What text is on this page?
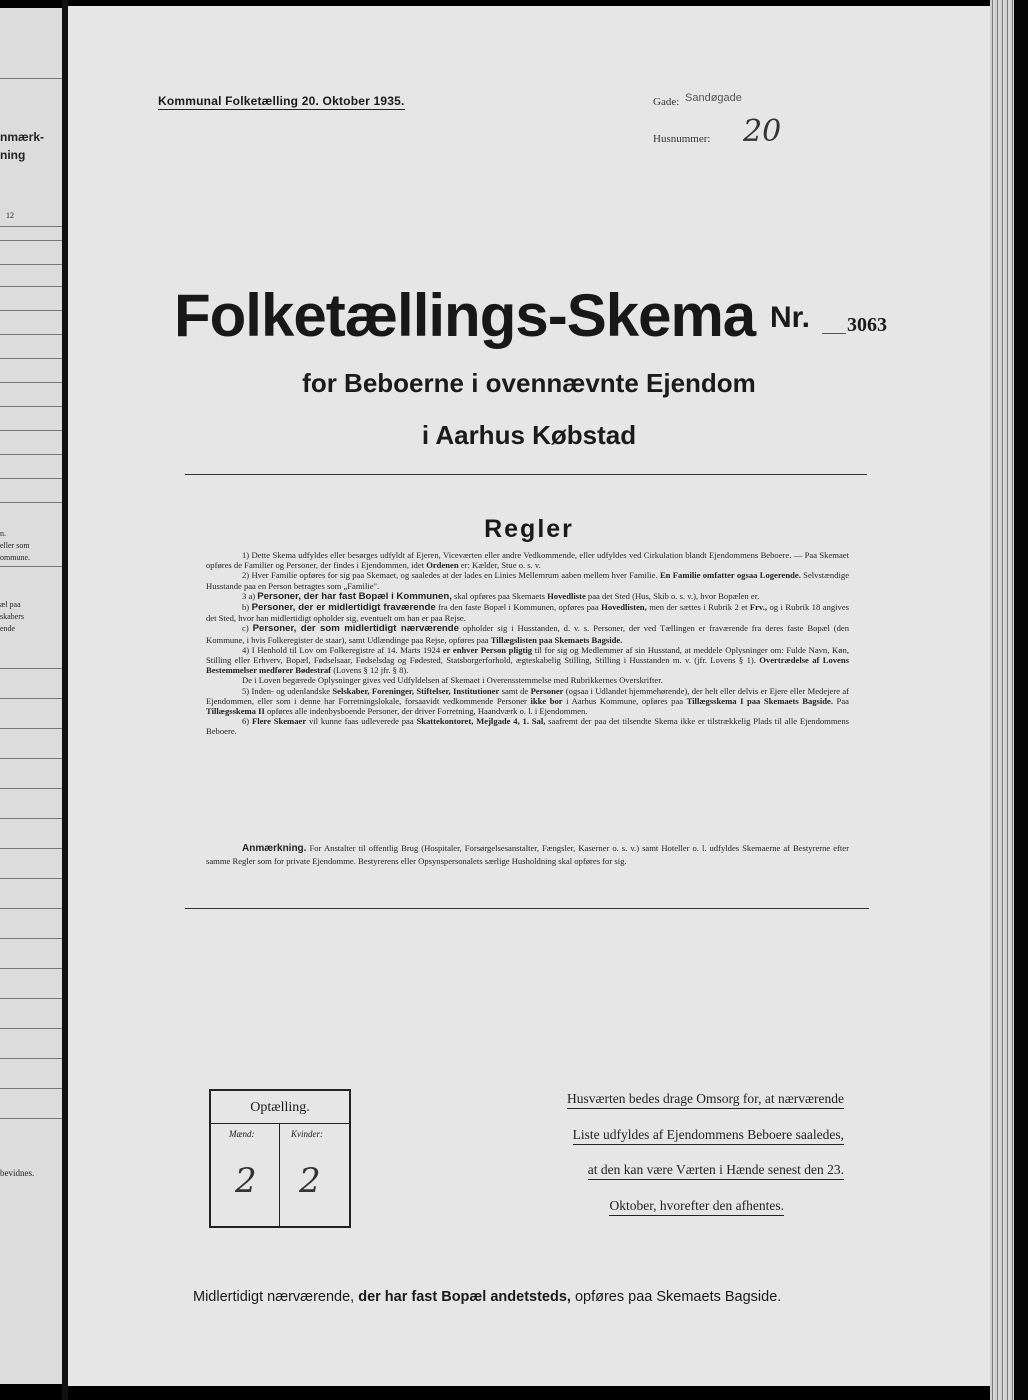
nmærk-
ning
12
n.
eller som
ommune.
æl paa
skabers
ende
bevidnes.
Kommunal Folketælling 20. Oktober 1935.	Gade: Sandøgade
Husnummer: 20
Folketællings-Skema Nr. 3063
for Beboerne i ovennævnte Ejendom
i Aarhus Købstad
Regler

1) Dette Skema udfyldes eller besørges udfyldt af Ejeren, Viceværten eller andre Vedkommende, eller udfyldes ved Cirkulation blandt Ejendommens Beboere. — Paa Skemaet opføres de Familier og Personer, der findes i Ejendommen, idet Ordenen er: Kælder, Stue o. s. v.

2) Hver Familie opføres for sig paa Skemaet, og saaledes at der lades en Linies Mellemrum aaben mellem hver Familie. En Familie omfatter ogsaa Logerende. Selvstændige Husstande paa en Person betragtes som „Familie".

3 a) Personer, der har fast Bopæl i Kommunen, skal opføres paa Skemaets Hovedliste paa det Sted (Hus, Skib o. s. v.), hvor Bopælen er.

b) Personer, der er midlertidigt fraværende fra den faste Bopæl i Kommunen, opføres paa Hovedlisten, men der sættes i Rubrik 2 et Frv., og i Rubrik 18 angives det Sted, hvor han midlertidigt opholder sig, eventuelt om han er paa Rejse.

c) Personer, der som midlertidigt nærværende opholder sig i Husstanden, d. v. s. Personer, der ved Tællingen er fraværende fra deres faste Bopæl (den Kommune, i hvis Folkeregister de staar), samt Udlændinge paa Rejse, opføres paa Tillægslisten paa Skemaets Bagside.

4) I Henhold til Lov om Folkeregistre af 14. Marts 1924 er enhver Person pligtig til for sig og Medlemmer af sin Husstand, at meddele Oplysninger om: Fulde Navn, Køn, Stilling eller Erhverv, Bopæl, Fødselsaar, Fødselsdag og Fødested, Statsborgerforhold, ægteskabelig Stilling, Stilling i Husstanden m. v. (jfr. Lovens § 1). Overtrædelse af Lovens Bestemmelser medfører Bødestraf (Lovens § 12 jfr. § 8).

De i Loven begærede Oplysninger gives ved Udfyldelsen af Skemaet i Overensstemmelse med Rubrikkernes Overskrifter.

5) Inden- og udenlandske Selskaber, Foreninger, Stiftelser, Institutioner samt de Personer (ogsaa i Udlandet hjemmehørende), der helt eller delvis er Ejere eller Medejere af Ejendommen, eller som i denne har Forretningslokale, forsaavidt vedkommende Personer ikke bor i Aarhus Kommune, opføres paa Tillægsskema I paa Skemaets Bagside. Paa Tillægsskema II opføres alle indenbysboende Personer, der driver Forretning, Haandværk o. l. i Ejendommen.

6) Flere Skemaer vil kunne faas udleverede paa Skattekontoret, Mejlgade 4, 1. Sal, saafremt der paa det tilsendte Skema ikke er tilstrækkelig Plads til alle Ejendommens Beboere.

Anmærkning. For Anstalter til offentlig Brug (Hospitaler, Forsørgelsesanstalter, Fængsler, Kaserner o. s. v.) samt Hoteller o. l. udfyldes Skemaerne af Bestyrerne efter samme Regler som for private Ejendomme. Bestyrerens eller Opsynspersonalets særlige Husholdning skal opføres for sig.
Optælling.
Mænd:	Kvinder:
2 2
Husværten bedes drage Omsorg for, at nærværende
Liste udfyldes af Ejendommens Beboere saaledes,
at den kan være Værten i Hænde senest den 23.
Oktober, hvorefter den afhentes.
Midlertidigt nærværende, der har fast Bopæl andetsteds, opføres paa Skemaets Bagside.
